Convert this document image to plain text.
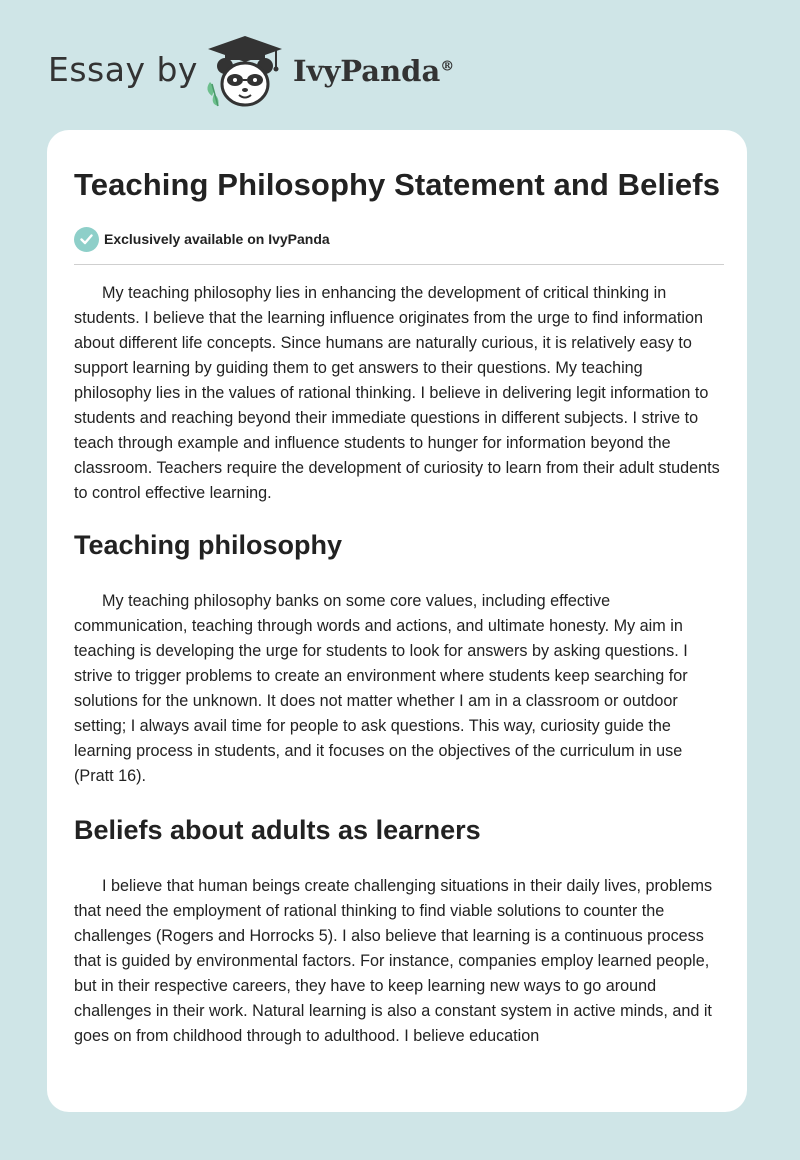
Essay by	IvyPanda®
Teaching Philosophy Statement and Beliefs
Exclusively available on IvyPanda

My teaching philosophy lies in enhancing the development of critical thinking in students. I believe that the learning influence originates from the urge to find information about different life concepts. Since humans are naturally curious, it is relatively easy to support learning by guiding them to get answers to their questions. My teaching philosophy lies in the values of rational thinking. I believe in delivering legit information to students and reaching beyond their immediate questions in different subjects. I strive to teach through example and influence students to hunger for information beyond the classroom. Teachers require the development of curiosity to learn from their adult students to control effective learning.

Teaching philosophy

My teaching philosophy banks on some core values, including effective communication, teaching through words and actions, and ultimate honesty. My aim in teaching is developing the urge for students to look for answers by asking questions. I strive to trigger problems to create an environment where students keep searching for solutions for the unknown. It does not matter whether I am in a classroom or outdoor setting; I always avail time for people to ask questions. This way, curiosity guide the learning process in students, and it focuses on the objectives of the curriculum in use (Pratt 16).

Beliefs about adults as learners

I believe that human beings create challenging situations in their daily lives, problems that need the employment of rational thinking to find viable solutions to counter the challenges (Rogers and Horrocks 5). I also believe that learning is a continuous process that is guided by environmental factors. For instance, companies employ learned people, but in their respective careers, they have to keep learning new ways to go around challenges in their work. Natural learning is also a constant system in active minds, and it goes on from childhood through to adulthood. I believe education
